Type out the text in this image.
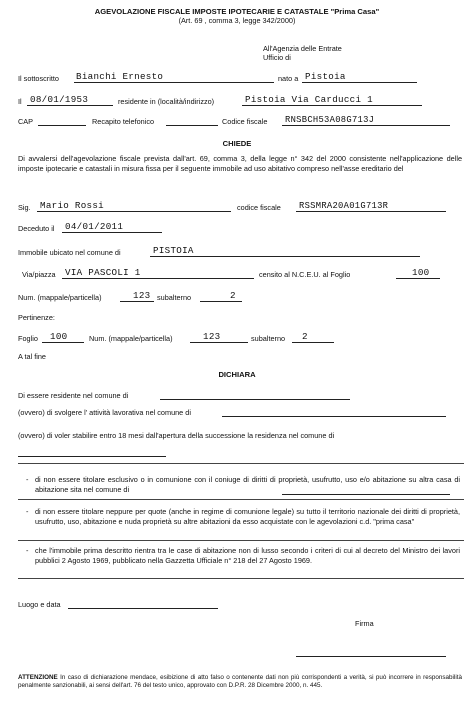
AGEVOLAZIONE FISCALE IMPOSTE IPOTECARIE E CATASTALE "Prima Casa"
(Art. 69 , comma 3, legge 342/2000)
All'Agenzia delle Entrate
Ufficio di
Il sottoscritto Bianchi Ernesto	nato a Pistoia
Il 08/01/1953	residente in (località/indirizzo)	Pistoia Via Carducci 1
CAP	Recapito telefonico	Codice fiscale RNSBCH53A08G713J
CHIEDE
Di avvalersi dell'agevolazione fiscale prevista dall'art. 69, comma 3, della legge n° 342 del 2000 consistente nell'applicazione delle imposte ipotecarie e catastali in misura fissa per il seguente immobile ad uso abitativo compreso nell'asse ereditario del
Sig. Mario Rossi	codice fiscale RSSMRA20A01G713R
Deceduto il 04/01/2011
Immobile ubicato nel comune di	PISTOIA
Via/piazza VIA PASCOLI 1	censito al N.C.E.U. al Foglio	100
Num. (mappale/particella)	123 subalterno	2
Pertinenze:
Foglio 100	Num. (mappale/particella)	123	subalterno 2
A tal fine
DICHIARA
Di essere residente nel comune di
(ovvero) di svolgere l' attività lavorativa nel comune di
(ovvero) di voler stabilire entro 18 mesi dall'apertura della successione la residenza nel comune di
- di non essere titolare esclusivo o in comunione con il coniuge di diritti di proprietà, usufrutto, uso e/o abitazione su altra casa di abitazione sita nel comune di
- di non essere titolare neppure per quote (anche in regime di comunione legale) su tutto il territorio nazionale dei diritti di proprietà, usufrutto, uso, abitazione e nuda proprietà su altre abitazioni da esso acquistate con le agevolazioni c.d. "prima casa"
- che l'immobile prima descritto rientra tra le case di abitazione non di lusso secondo i criteri di cui al decreto del Ministro dei lavori pubblici 2 Agosto 1969, pubblicato nella Gazzetta Ufficiale n° 218 del 27 Agosto 1969.
Luogo e data
Firma
ATTENZIONE In caso di dichiarazione mendace, esibizione di atto falso o contenente dati non più corrispondenti a verità, si può incorrere in responsabilità penalmente sanzionabili, ai sensi dell'art. 76 del testo unico, approvato con D.P.R. 28 Dicembre 2000, n. 445.
